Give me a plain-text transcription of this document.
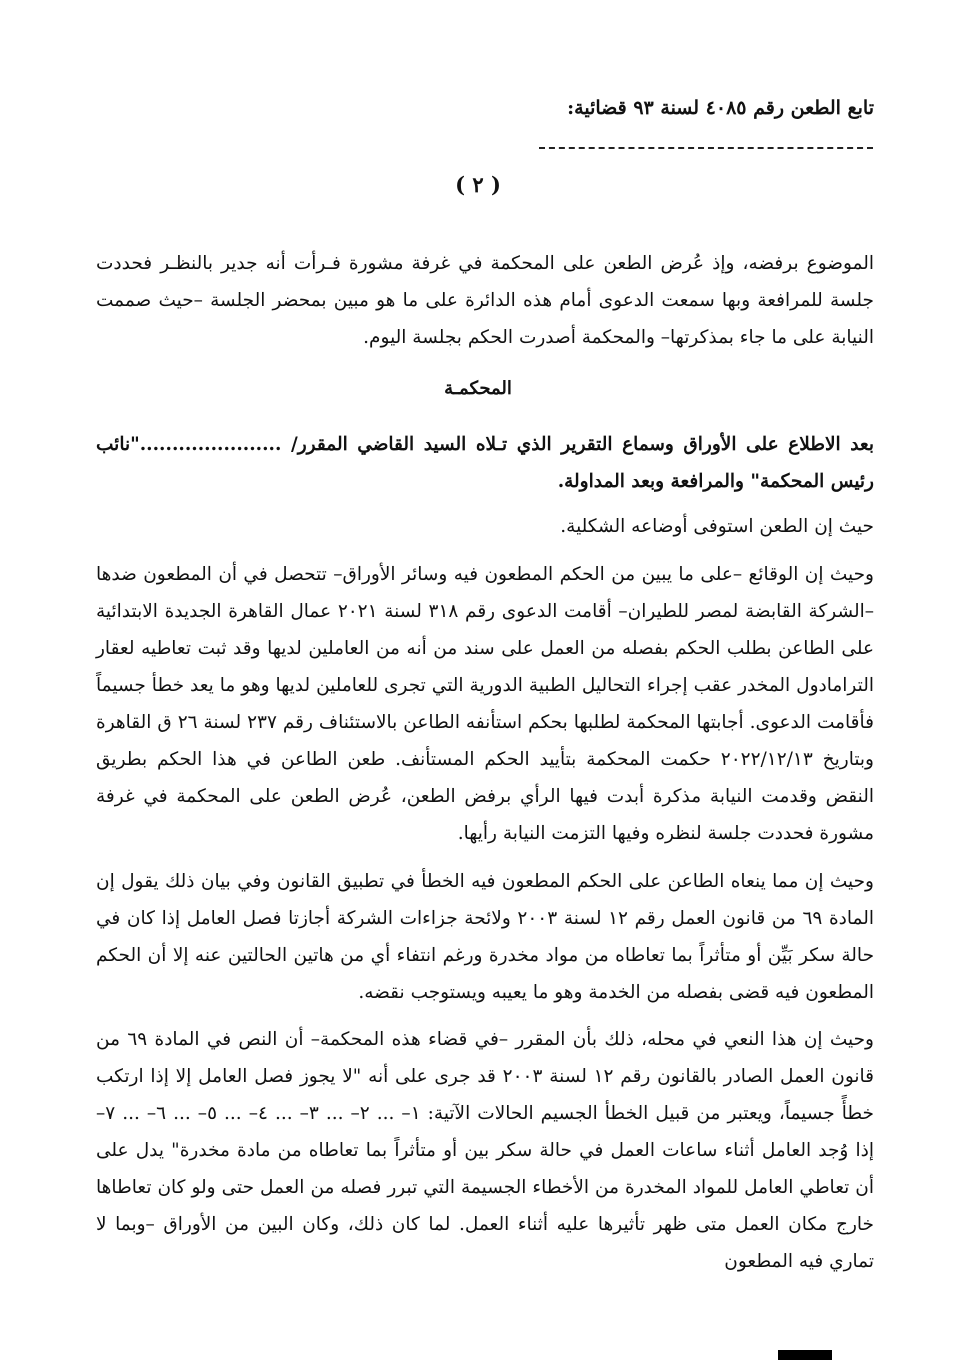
تابع الطعن رقم ٤٠٨٥ لسنة ٩٣ قضائية:
( ٢ )

الموضوع برفضه، وإذ عُرض الطعن على المحكمة في غرفة مشورة فـرأت أنه جدير بالنظـر فحددت جلسة للمرافعة وبها سمعت الدعوى أمام هذه الدائرة على ما هو مبين بمحضر الجلسة –حيث صممت النيابة على ما جاء بمذكرتها– والمحكمة أصدرت الحكم بجلسة اليوم.

المحكمـة

بعد الاطلاع على الأوراق وسماع التقرير الذي تـلاه السيد القاضي المقرر/ ......................"نائب رئيس المحكمة" والمرافعة وبعد المداولة.

حيث إن الطعن استوفى أوضاعه الشكلية.

وحيث إن الوقائع –على ما يبين من الحكم المطعون فيه وسائر الأوراق– تتحصل في أن المطعون ضدها –الشركة القابضة لمصر للطيران– أقامت الدعوى رقم ٣١٨ لسنة ٢٠٢١ عمال القاهرة الجديدة الابتدائية على الطاعن بطلب الحكم بفصله من العمل على سند من أنه من العاملين لديها وقد ثبت تعاطيه لعقار الترامادول المخدر عقب إجراء التحاليل الطبية الدورية التي تجرى للعاملين لديها وهو ما يعد خطأ جسيماً فأقامت الدعوى. أجابتها المحكمة لطلبها بحكم استأنفه الطاعن بالاستئناف رقم ٢٣٧ لسنة ٢٦ ق القاهرة وبتاريخ ٢٠٢٢/١٢/١٣ حكمت المحكمة بتأييد الحكم المستأنف. طعن الطاعن في هذا الحكم بطريق النقض وقدمت النيابة مذكرة أبدت فيها الرأي برفض الطعن، عُرض الطعن على المحكمة في غرفة مشورة فحددت جلسة لنظره وفيها التزمت النيابة رأيها.

وحيث إن مما ينعاه الطاعن على الحكم المطعون فيه الخطأ في تطبيق القانون وفي بيان ذلك يقول إن المادة ٦٩ من قانون العمل رقم ١٢ لسنة ٢٠٠٣ ولائحة جزاءات الشركة أجازتا فصل العامل إذا كان في حالة سكر بَيِّن أو متأثراً بما تعاطاه من مواد مخدرة ورغم انتفاء أي من هاتين الحالتين عنه إلا أن الحكم المطعون فيه قضى بفصله من الخدمة وهو ما يعيبه ويستوجب نقضه.

وحيث إن هذا النعي في محله، ذلك بأن المقرر –في قضاء هذه المحكمة– أن النص في المادة ٦٩ من قانون العمل الصادر بالقانون رقم ١٢ لسنة ٢٠٠٣ قد جرى على أنه "لا يجوز فصل العامل إلا إذا ارتكب خطأً جسيماً، ويعتبر من قبيل الخطأ الجسيم الحالات الآتية: ١– ... ٢– ... ٣– ... ٤– ... ٥– ... ٦– ... ٧– إذا وُجد العامل أثناء ساعات العمل في حالة سكر بين أو متأثراً بما تعاطاه من مادة مخدرة" يدل على أن تعاطي العامل للمواد المخدرة من الأخطاء الجسيمة التي تبرر فصله من العمل حتى ولو كان تعاطاها خارج مكان العمل متى ظهر تأثيرها عليه أثناء العمل. لما كان ذلك، وكان البين من الأوراق –وبما لا تماري فيه المطعون
